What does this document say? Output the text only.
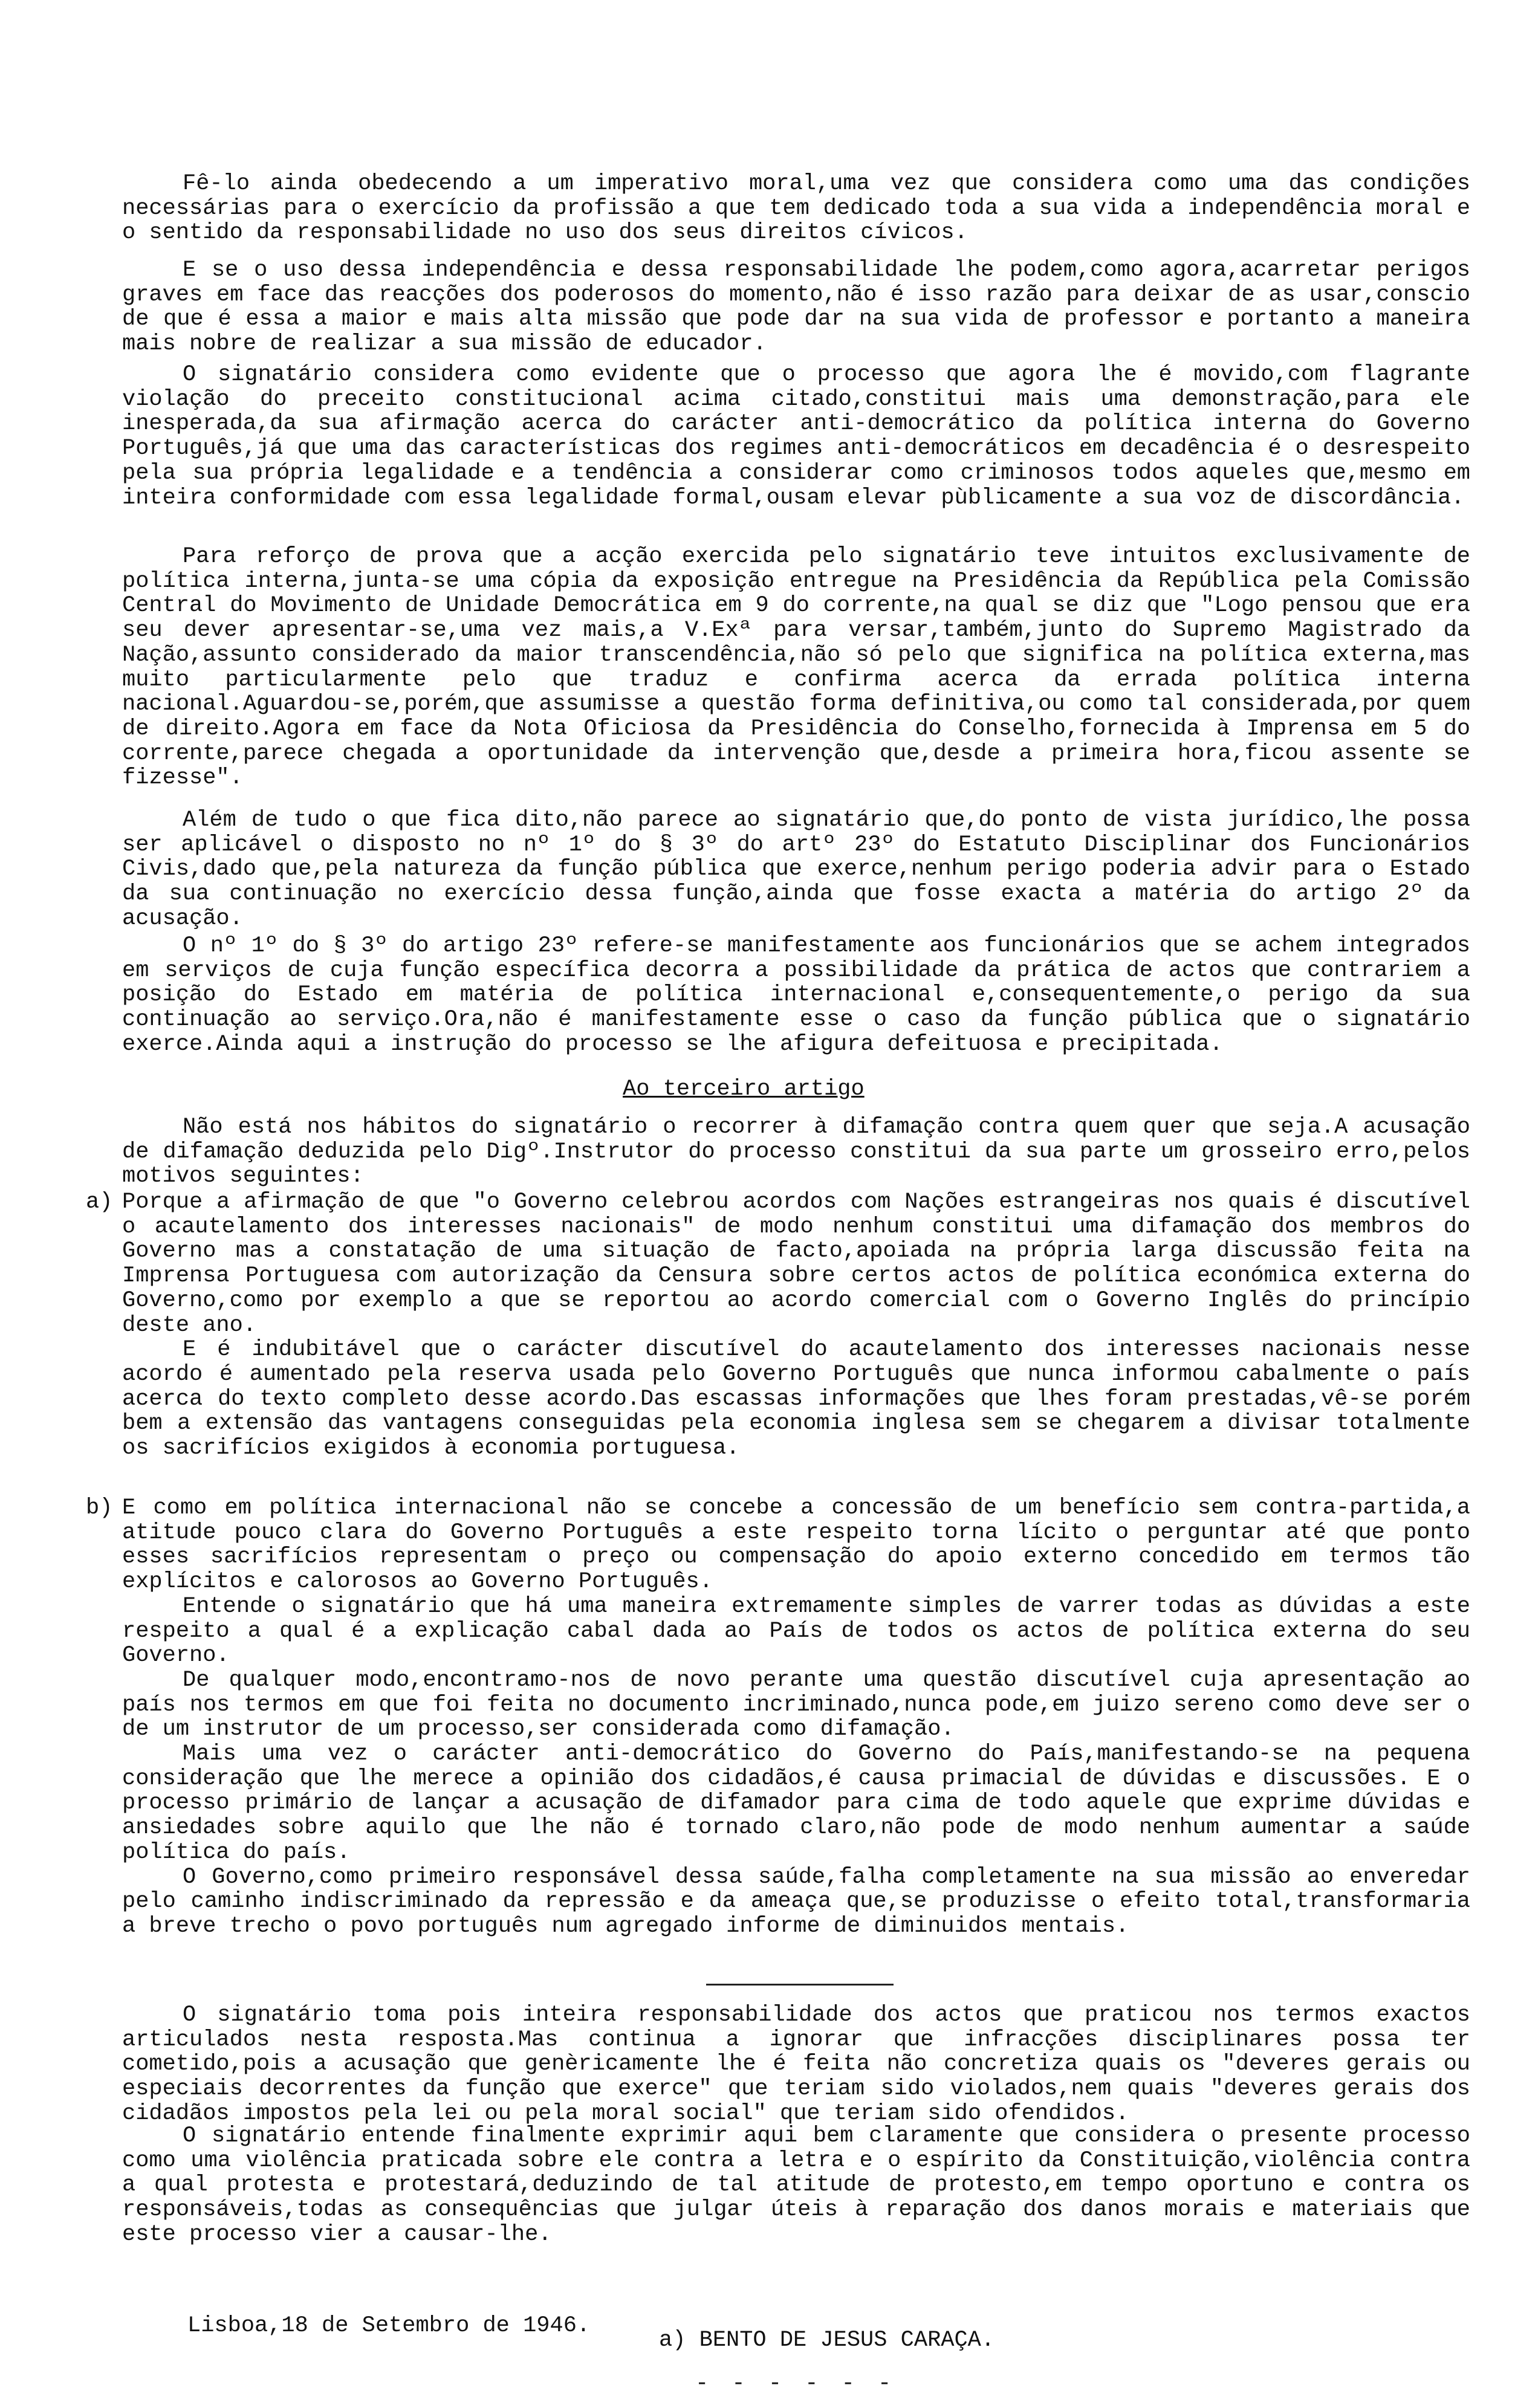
Fê-lo ainda obedecendo a um imperativo moral,uma vez que considera como uma das condições necessárias para o exercício da profissão a que tem dedicado toda a sua vida a independência moral e o sentido da responsabilidade no uso dos seus direitos cívicos.

E se o uso dessa independência e dessa responsabilidade lhe podem,como agora,acarretar perigos graves em face das reacções dos poderosos do momento,não é isso razão para deixar de as usar,conscio de que é essa a maior e mais alta missão que pode dar na sua vida de professor e portanto a maneira mais nobre de realizar a sua missão de educador.

O signatário considera como evidente que o processo que agora lhe é movido,com flagrante violação do preceito constitucional acima citado,constitui mais uma demonstração,para ele inesperada,da sua afirmação acerca do carácter anti-democrático da política interna do Governo Português,já que uma das características dos regimes anti-democráticos em decadência é o desrespeito pela sua própria legalidade e a tendência a considerar como criminosos todos aqueles que,mesmo em inteira conformidade com essa legalidade formal,ousam elevar pùblicamente a sua voz de discordância.

Para reforço de prova que a acção exercida pelo signatário teve intuitos exclusivamente de política interna,junta-se uma cópia da exposição entregue na Presidência da República pela Comissão Central do Movimento de Unidade Democrática em 9 do corrente,na qual se diz que "Logo pensou que era seu dever apresentar-se,uma vez mais,a V.Exª para versar,também,junto do Supremo Magistrado da Nação,assunto considerado da maior transcendência,não só pelo que significa na política externa,mas muito particularmente pelo que traduz e confirma acerca da errada política interna nacional.Aguardou-se,porém,que assumisse a questão forma definitiva,ou como tal considerada,por quem de direito.Agora em face da Nota Oficiosa da Presidência do Conselho,fornecida à Imprensa em 5 do corrente,parece chegada a oportunidade da intervenção que,desde a primeira hora,ficou assente se fizesse".

Além de tudo o que fica dito,não parece ao signatário que,do ponto de vista jurídico,lhe possa ser aplicável o disposto no nº 1º do § 3º do artº 23º do Estatuto Disciplinar dos Funcionários Civis,dado que,pela natureza da função pública que exerce,nenhum perigo poderia advir para o Estado da sua continuação no exercício dessa função,ainda que fosse exacta a matéria do artigo 2º da acusação.

O nº 1º do § 3º do artigo 23º refere-se manifestamente aos funcionários que se achem integrados em serviços de cuja função específica decorra a possibilidade da prática de actos que contrariem a posição do Estado em matéria de política internacional e,consequentemente,o perigo da sua continuação ao serviço.Ora,não é manifestamente esse o caso da função pública que o signatário exerce.Ainda aqui a instrução do processo se lhe afigura defeituosa e precipitada.

Ao terceiro artigo

Não está nos hábitos do signatário o recorrer à difamação contra quem quer que seja.A acusação de difamação deduzida pelo Digº.Instrutor do processo constitui da sua parte um grosseiro erro,pelos motivos seguintes:

a) Porque a afirmação de que "o Governo celebrou acordos com Nações estrangeiras nos quais é discutível o acautelamento dos interesses nacionais" de modo nenhum constitui uma difamação dos membros do Governo mas a constatação de uma situação de facto,apoiada na própria larga discussão feita na Imprensa Portuguesa com autorização da Censura sobre certos actos de política económica externa do Governo,como por exemplo a que se reportou ao acordo comercial com o Governo Inglês do princípio deste ano.

E é indubitável que o carácter discutível do acautelamento dos interesses nacionais nesse acordo é aumentado pela reserva usada pelo Governo Português que nunca informou cabalmente o país acerca do texto completo desse acordo.Das escassas informações que lhes foram prestadas,vê-se porém bem a extensão das vantagens conseguidas pela economia inglesa sem se chegarem a divisar totalmente os sacrifícios exigidos à economia portuguesa.

b) E como em política internacional não se concebe a concessão de um benefício sem contra-partida,a atitude pouco clara do Governo Português a este respeito torna lícito o perguntar até que ponto esses sacrifícios representam o preço ou compensação do apoio externo concedido em termos tão explícitos e calorosos ao Governo Português.

Entende o signatário que há uma maneira extremamente simples de varrer todas as dúvidas a este respeito a qual é a explicação cabal dada ao País de todos os actos de política externa do seu Governo.

De qualquer modo,encontramo-nos de novo perante uma questão discutível cuja apresentação ao país nos termos em que foi feita no documento incriminado,nunca pode,em juizo sereno como deve ser o de um instrutor de um processo,ser considerada como difamação.

Mais uma vez o carácter anti-democrático do Governo do País,manifestando-se na pequena consideração que lhe merece a opinião dos cidadãos,é causa primacial de dúvidas e discussões. E o processo primário de lançar a acusação de difamador para cima de todo aquele que exprime dúvidas e ansiedades sobre aquilo que lhe não é tornado claro,não pode de modo nenhum aumentar a saúde política do país.

O Governo,como primeiro responsável dessa saúde,falha completamente na sua missão ao enveredar pelo caminho indiscriminado da repressão e da ameaça que,se produzisse o efeito total,transformaria a breve trecho o povo português num agregado informe de diminuidos mentais.

O signatário toma pois inteira responsabilidade dos actos que praticou nos termos exactos articulados nesta resposta.Mas continua a ignorar que infracções disciplinares possa ter cometido,pois a acusação que genèricamente lhe é feita não concretiza quais os "deveres gerais ou especiais decorrentes da função que exerce" que teriam sido violados,nem quais "deveres gerais dos cidadãos impostos pela lei ou pela moral social" que teriam sido ofendidos.

O signatário entende finalmente exprimir aqui bem claramente que considera o presente processo como uma violência praticada sobre ele contra a letra e o espírito da Constituição,violência contra a qual protesta e protestará,deduzindo de tal atitude de protesto,em tempo oportuno e contra os responsáveis,todas as consequências que julgar úteis à reparação dos danos morais e materiais que este processo vier a causar-lhe.

Lisboa,18 de Setembro de 1946.

a) BENTO DE JESUS CARAÇA.

- - - - - -
